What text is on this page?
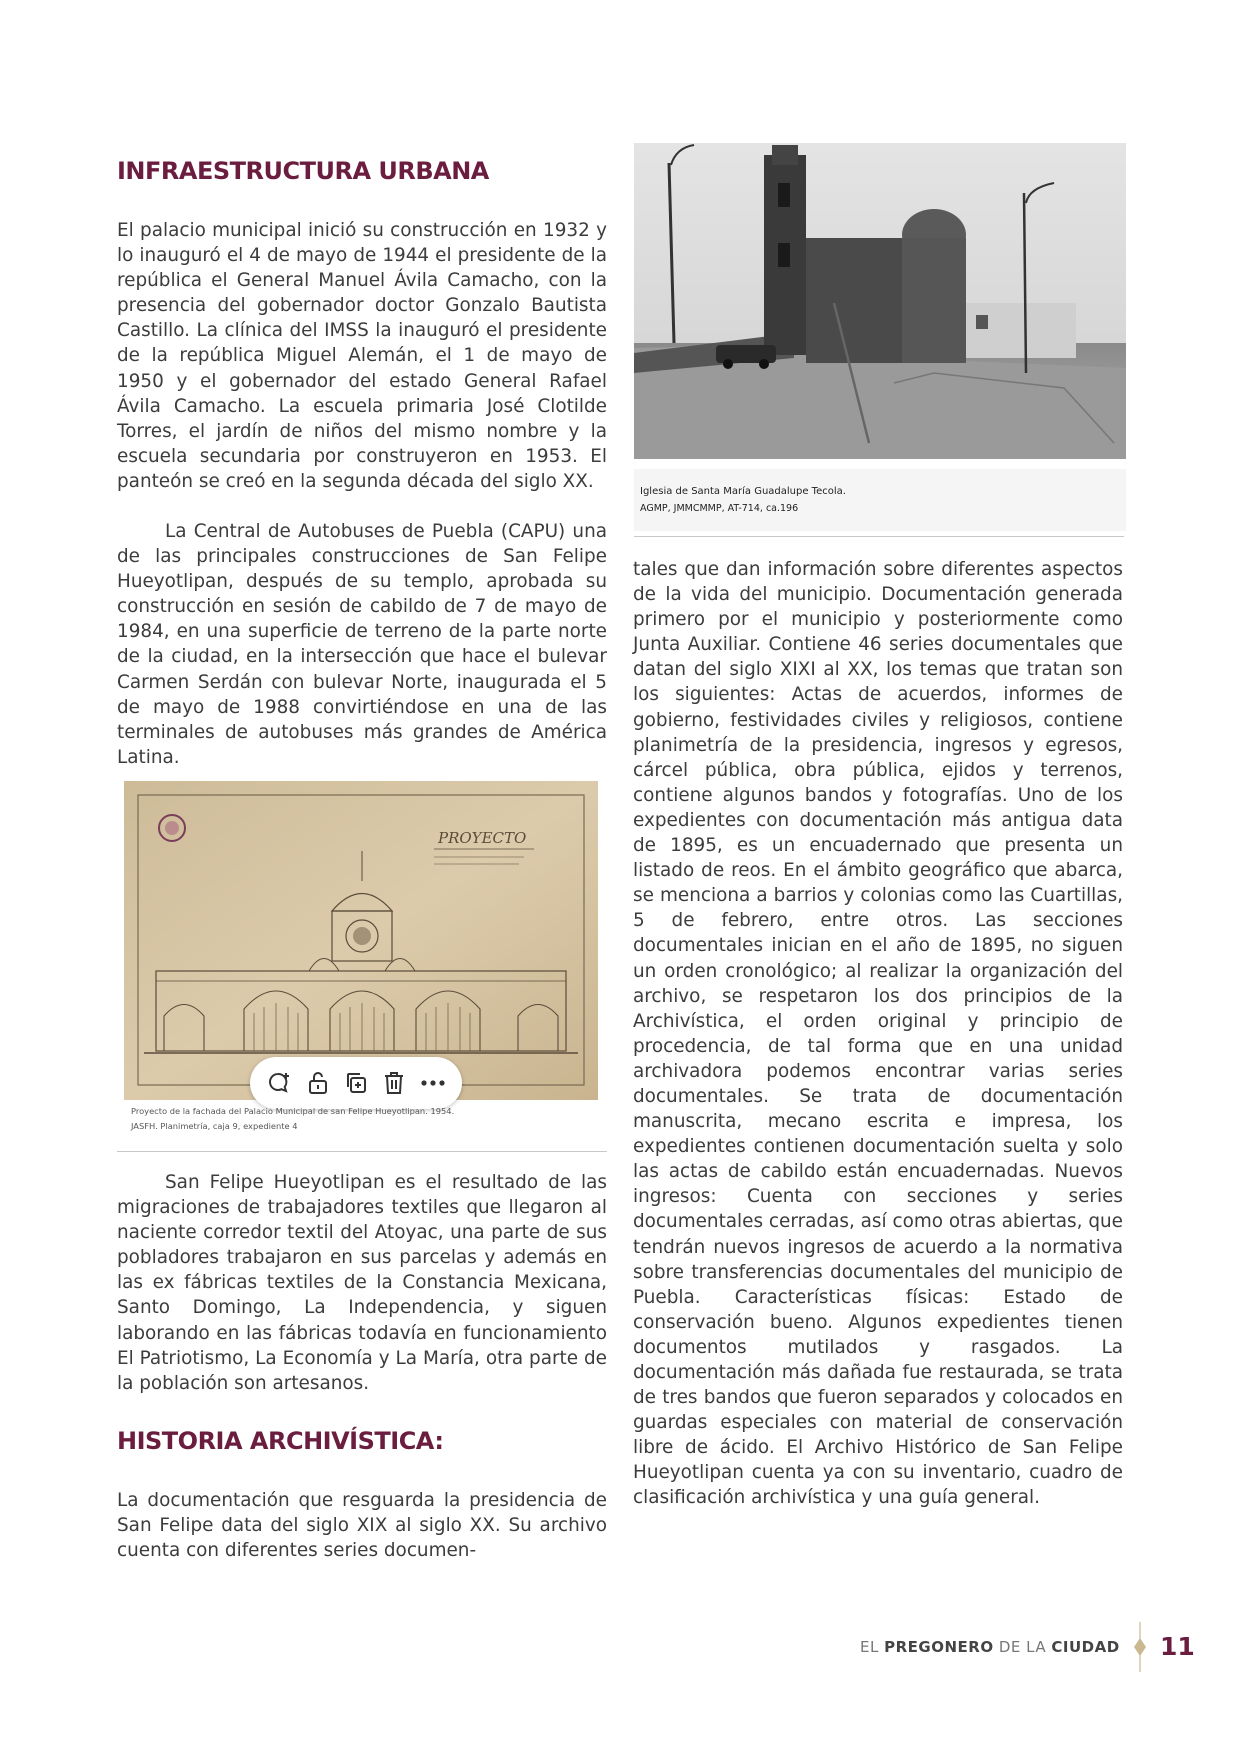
INFRAESTRUCTURA URBANA

El palacio municipal inició su construcción en 1932 y lo inauguró el 4 de mayo de 1944 el presidente de la república el General Manuel Ávila Camacho, con la presencia del gobernador doctor Gonzalo Bautista Castillo. La clínica del IMSS la inauguró el presidente de la república Miguel Alemán, el 1 de mayo de 1950 y el gobernador del estado General Rafael Ávila Camacho. La escuela primaria José Clotilde Torres, el jardín de niños del mismo nombre y la escuela secundaria por construyeron en 1953. El panteón se creó en la segunda década del siglo XX.

La Central de Autobuses de Puebla (CAPU) una de las principales construcciones de San Felipe Hueyotlipan, después de su templo, aprobada su construcción en sesión de cabildo de 7 de mayo de 1984, en una superficie de terreno de la parte norte de la ciudad, en la intersección que hace el bulevar Carmen Serdán con bulevar Norte, inaugurada el 5 de mayo de 1988 convirtiéndose en una de las terminales de autobuses más grandes de América Latina.

PROYECTO
Proyecto de la fachada del Palacio Municipal de san Felipe Hueyotlipan. 1954.
JASFH. Planimetría, caja 9, expediente 4

San Felipe Hueyotlipan es el resultado de las migraciones de trabajadores textiles que llegaron al naciente corredor textil del Atoyac, una parte de sus pobladores trabajaron en sus parcelas y además en las ex fábricas textiles de la Constancia Mexicana, Santo Domingo, La Independencia, y siguen laborando en las fábricas todavía en funcionamiento El Patriotismo, La Economía y La María, otra parte de la población son artesanos.

HISTORIA ARCHIVÍSTICA:

La documentación que resguarda la presidencia de San Felipe data del siglo XIX al siglo XX. Su archivo cuenta con diferentes series documen-

Iglesia de Santa María Guadalupe Tecola.
AGMP, JMMCMMP, AT-714, ca.196

tales que dan información sobre diferentes aspectos de la vida del municipio. Documentación generada primero por el municipio y posteriormente como Junta Auxiliar. Contiene 46 series documentales que datan del siglo XIXI al XX, los temas que tratan son los siguientes: Actas de acuerdos, informes de gobierno, festividades civiles y religiosos, contiene planimetría de la presidencia, ingresos y egresos, cárcel pública, obra pública, ejidos y terrenos, contiene algunos bandos y fotografías. Uno de los expedientes con documentación más antigua data de 1895, es un encuadernado que presenta un listado de reos. En el ámbito geográfico que abarca, se menciona a barrios y colonias como las Cuartillas, 5 de febrero, entre otros. Las secciones documentales inician en el año de 1895, no siguen un orden cronológico; al realizar la organización del archivo, se respetaron los dos principios de la Archivística, el orden original y principio de procedencia, de tal forma que en una unidad archivadora podemos encontrar varias series documentales. Se trata de documentación manuscrita, mecano escrita e impresa, los expedientes contienen documentación suelta y solo las actas de cabildo están encuadernadas. Nuevos ingresos: Cuenta con secciones y series documentales cerradas, así como otras abiertas, que tendrán nuevos ingresos de acuerdo a la normativa sobre transferencias documentales del municipio de Puebla. Características físicas: Estado de conservación bueno. Algunos expedientes tienen documentos mutilados y rasgados. La documentación más dañada fue restaurada, se trata de tres bandos que fueron separados y colocados en guardas especiales con material de conservación libre de ácido. El Archivo Histórico de San Felipe Hueyotlipan cuenta ya con su inventario, cuadro de clasificación archivística y una guía general.

EL PREGONERO DE LA CIUDAD 11
